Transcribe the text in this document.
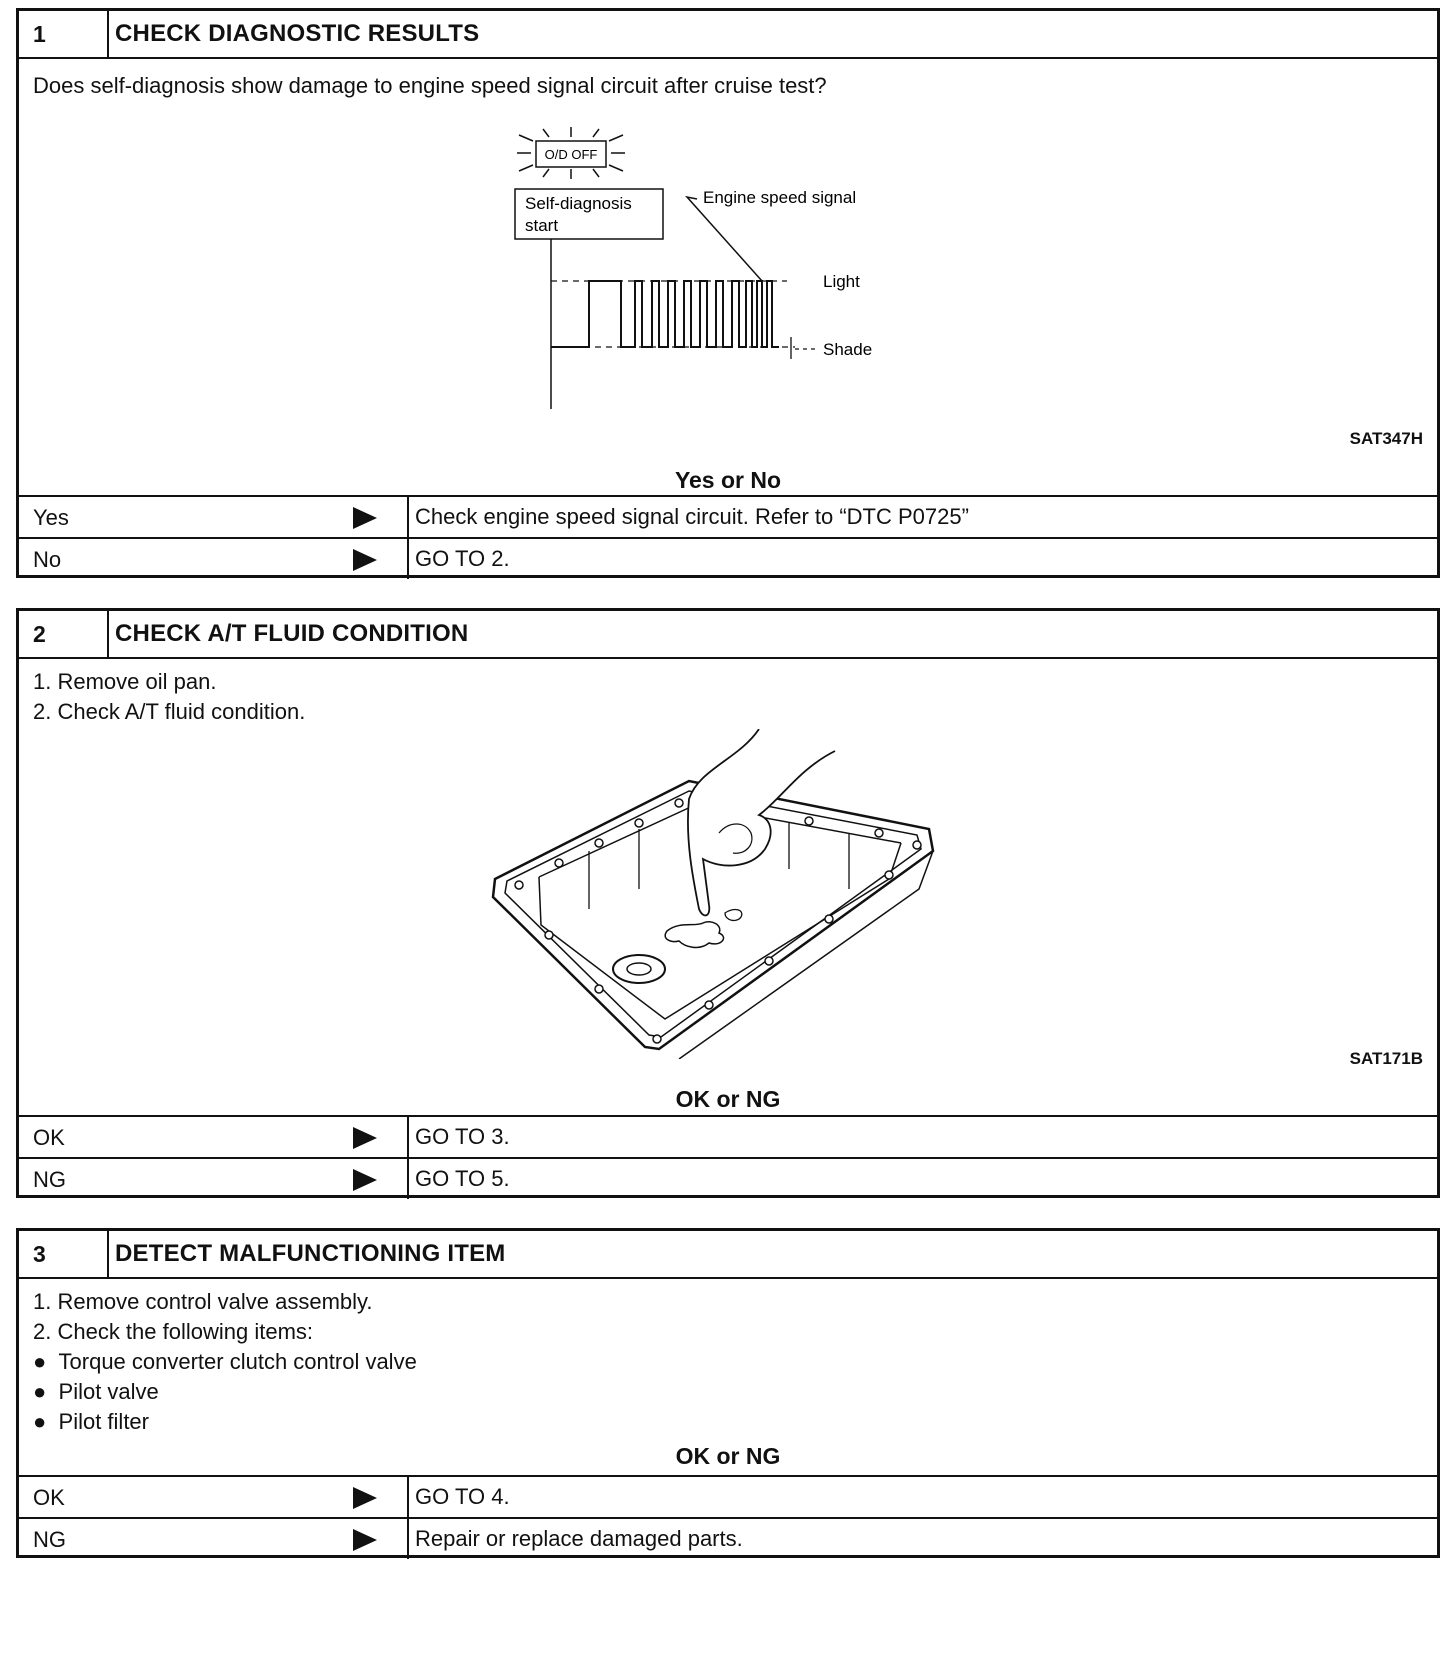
1	CHECK DIAGNOSTIC RESULTS
Does self-diagnosis show damage to engine speed signal circuit after cruise test?
O/D OFF
Self-diagnosis
start
Engine speed signal
Light
Shade
SAT347H
Yes or No
Yes	Check engine speed signal circuit. Refer to “DTC P0725”
No	GO TO 2.
2	CHECK A/T FLUID CONDITION
1. Remove oil pan.
2. Check A/T fluid condition.
SAT171B
OK or NG
OK	GO TO 3.
NG	GO TO 5.
3	DETECT MALFUNCTIONING ITEM
1. Remove control valve assembly.
2. Check the following items:
●  Torque converter clutch control valve
●  Pilot valve
●  Pilot filter
OK or NG
OK	GO TO 4.
NG	Repair or replace damaged parts.
